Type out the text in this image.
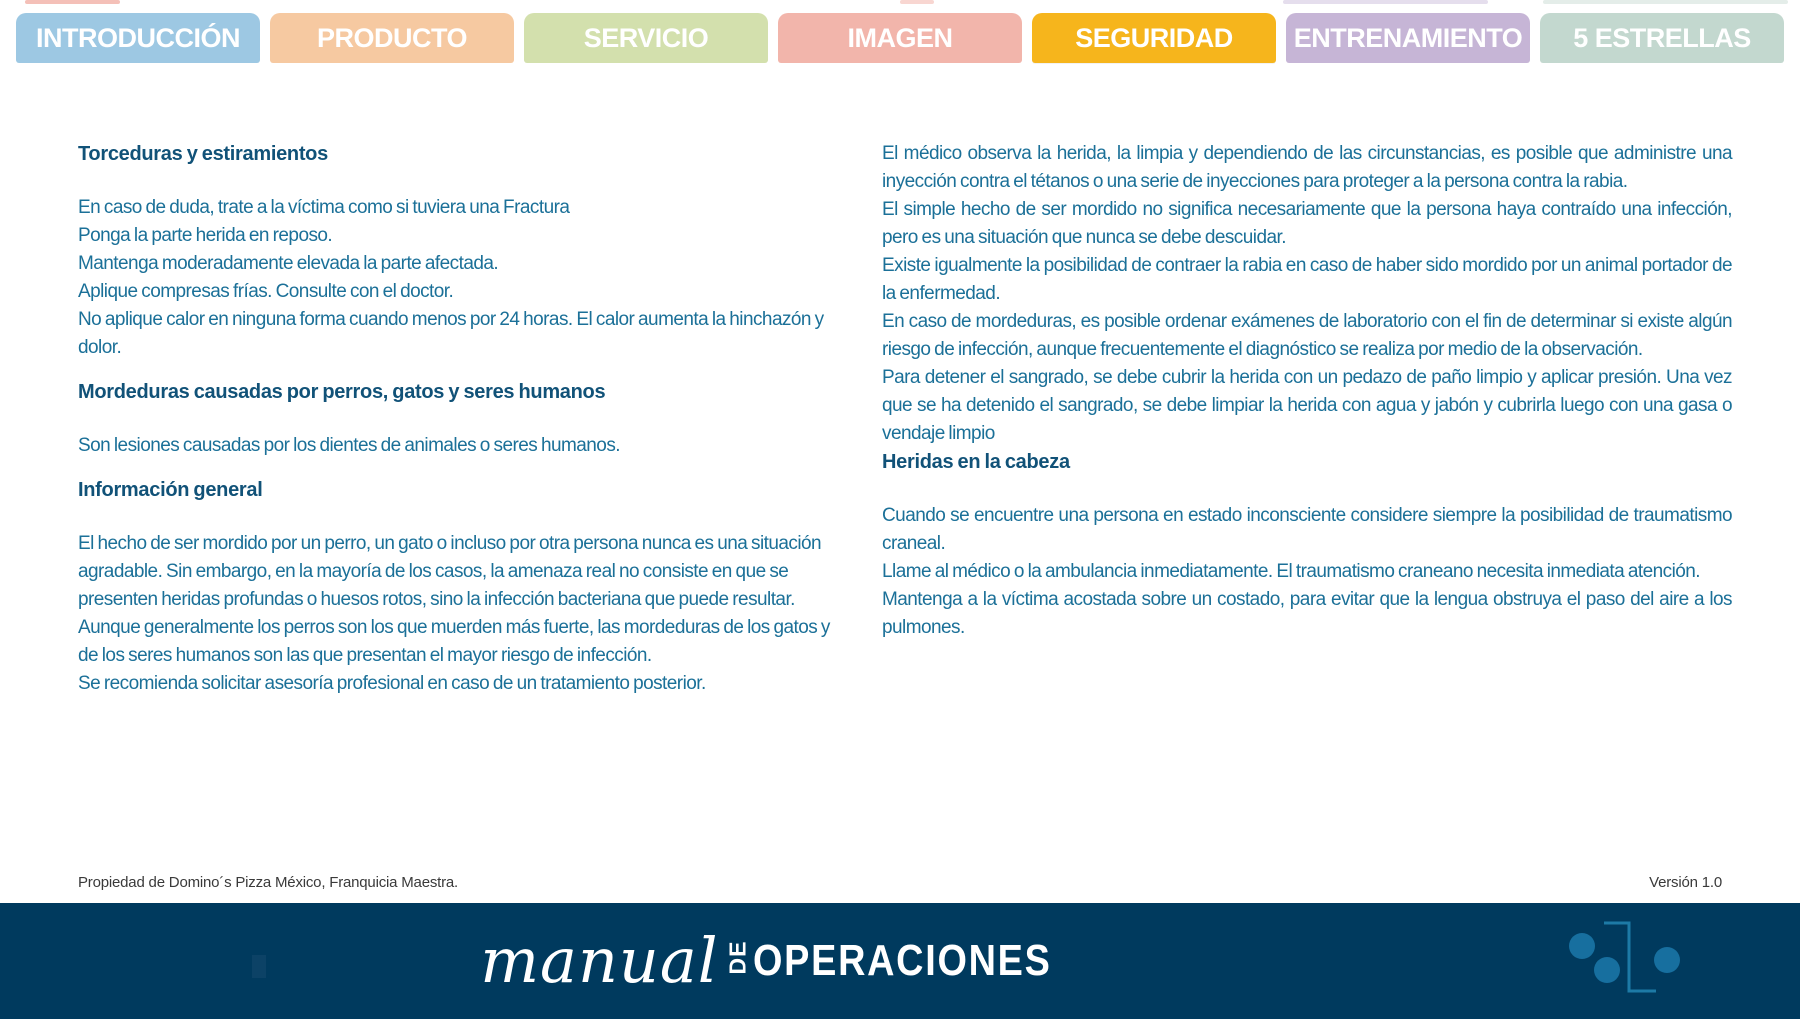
INTRODUCCIÓN	PRODUCTO	SERVICIO	IMAGEN	SEGURIDAD	ENTRENAMIENTO	5 ESTRELLAS
Torceduras y estiramientos

En caso de duda, trate a la víctima como si tuviera una Fractura

Ponga la parte herida en reposo.

Mantenga moderadamente elevada la parte afectada.

Aplique compresas frías. Consulte con el doctor.

No aplique calor en ninguna forma cuando menos por 24 horas. El calor aumenta la hinchazón y dolor.

Mordeduras causadas por perros, gatos y seres humanos

Son lesiones causadas por los dientes de animales o seres humanos.

Información general

El hecho de ser mordido por un perro, un gato o incluso por otra persona nunca es una situación agradable. Sin embargo, en la mayoría de los casos, la amenaza real no consiste en que se presenten heridas profundas o huesos rotos, sino la infección bacteriana que puede resultar.

Aunque generalmente los perros son los que muerden más fuerte, las mordeduras de los gatos y de los seres humanos son las que presentan el mayor riesgo de infección.

Se recomienda solicitar asesoría profesional en caso de un tratamiento posterior.

El médico observa la herida, la limpia y dependiendo de las circunstancias, es posible que administre una inyección contra el tétanos o una serie de inyecciones para proteger a la persona contra la rabia.

El simple hecho de ser mordido no significa necesariamente que la persona haya contraído una infección, pero es una situación que nunca se debe descuidar.

Existe igualmente la posibilidad de contraer la rabia en caso de haber sido mordido por un animal portador de la enfermedad.

En caso de mordeduras, es posible ordenar exámenes de laboratorio con el fin de determinar si existe algún riesgo de infección, aunque frecuentemente el diagnóstico se realiza por medio de la observación.

Para detener el sangrado, se debe cubrir la herida con un pedazo de paño limpio y aplicar presión. Una vez que se ha detenido el sangrado, se debe limpiar la herida con agua y jabón y cubrirla luego con una gasa o vendaje limpio

Heridas en la cabeza

Cuando se encuentre una persona en estado inconsciente considere siempre la posibilidad de traumatismo craneal.

Llame al médico o la ambulancia inmediatamente. El traumatismo craneano necesita inmediata atención.

Mantenga a la víctima acostada sobre un costado, para evitar que la lengua obstruya el paso del aire a los pulmones.

Propiedad de Domino´s Pizza México, Franquicia Maestra.	Versión 1.0
manual DE OPERACIONES
